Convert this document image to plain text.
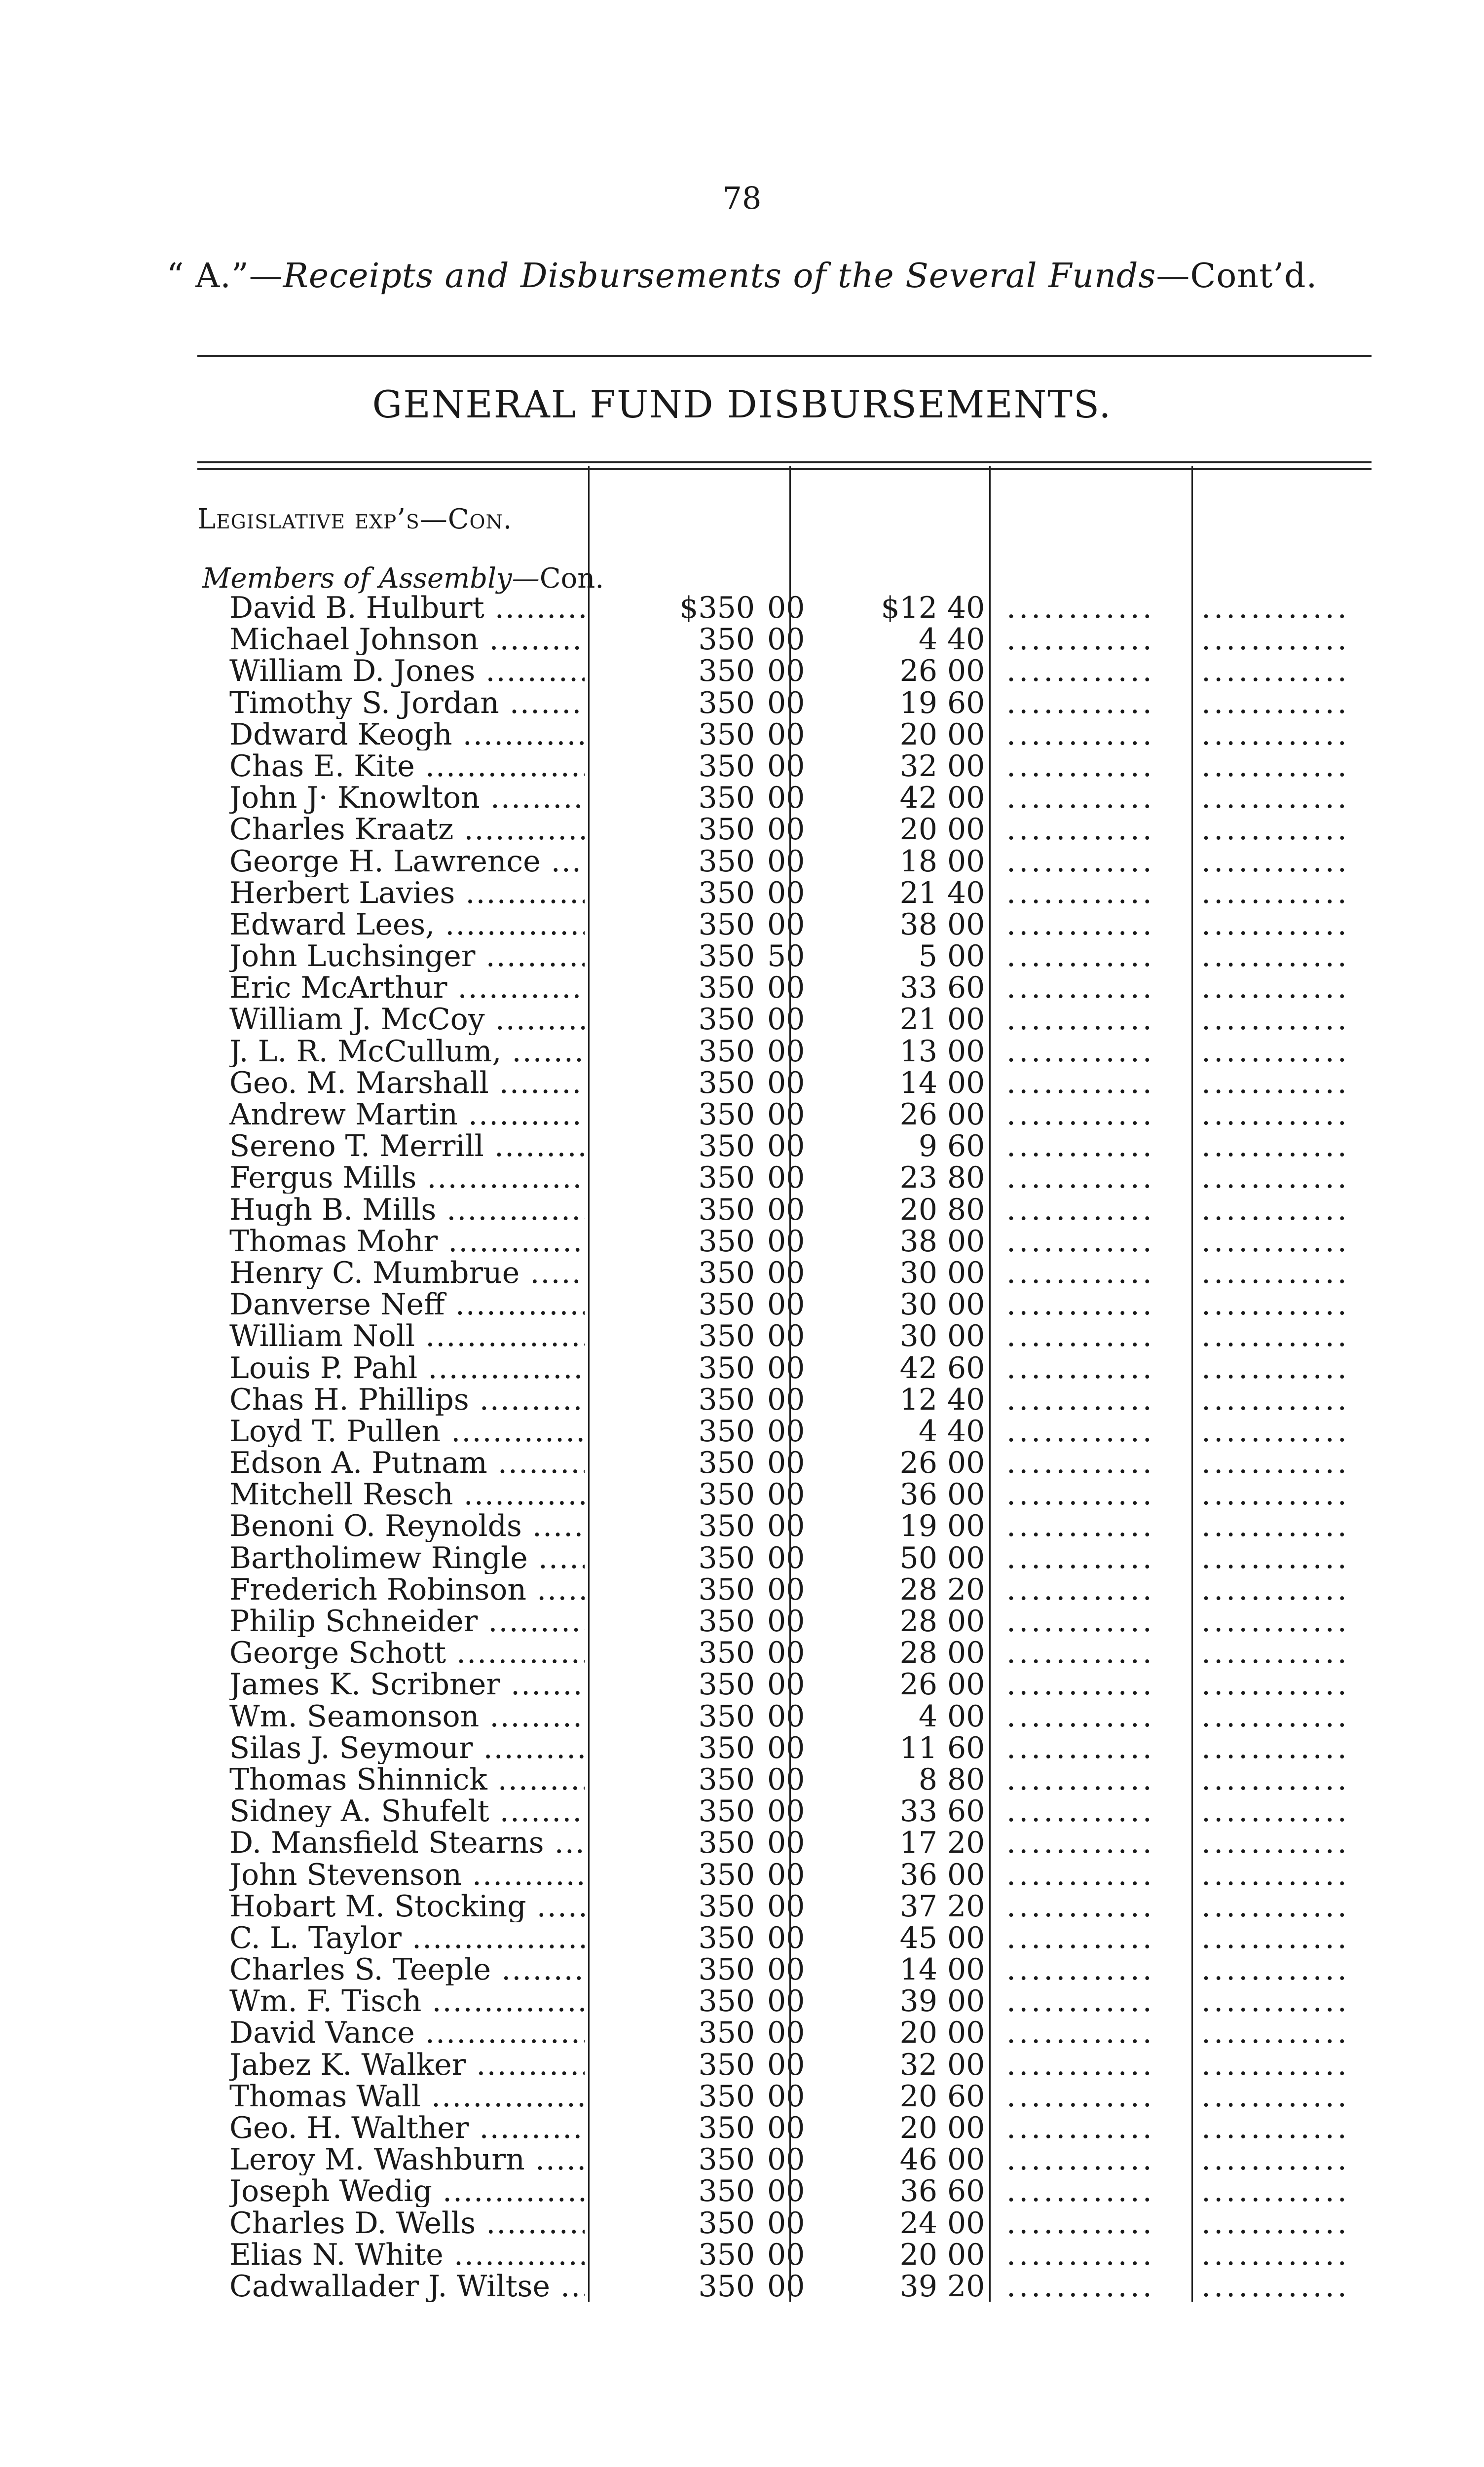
78
“ A.”—Receipts and Disbursements of the Several Funds—Cont’d.
GENERAL FUND DISBURSEMENTS.
Legislative exp’s—Con.
Members of Assembly—Con.
David B. Hulburt .....	$350 00	$12 40 ............	............
Michael Johnson .....	350 00	4 40 ............	............
William D. Jones .....	350 00	26 00 ............	............
Timothy S. Jordan .....	350 00	19 60 ............	............
Ddward Keogh .....	350 00	20 00 ............	............
Chas E. Kite .....	350 00	32 00 ............	............
John J· Knowlton .....	350 00	42 00 ............	............
Charles Kraatz .....	350 00	20 00 ............	............
George H. Lawrence .....	350 00	18 00 ............	............
Herbert Lavies .....	350 00	21 40 ............	............
Edward Lees, .....	350 00	38 00 ............	............
John Luchsinger .....	350 50	5 00 ............	............
Eric McArthur .....	350 00	33 60 ............	............
William J. McCoy .....	350 00	21 00 ............	............
J. L. R. McCullum, .....	350 00	13 00 ............	............
Geo. M. Marshall .....	350 00	14 00 ............	............
Andrew Martin .....	350 00	26 00 ............	............
Sereno T. Merrill .....	350 00	9 60 ............	............
Fergus Mills .....	350 00	23 80 ............	............
Hugh B. Mills .....	350 00	20 80 ............	............
Thomas Mohr .....	350 00	38 00 ............	............
Henry C. Mumbrue .....	350 00	30 00 ............	............
Danverse Neff .....	350 00	30 00 ............	............
William Noll .....	350 00	30 00 ............	............
Louis P. Pahl .....	350 00	42 60 ............	............
Chas H. Phillips .....	350 00	12 40 ............	............
Loyd T. Pullen .....	350 00	4 40 ............	............
Edson A. Putnam .....	350 00	26 00 ............	............
Mitchell Resch .....	350 00	36 00 ............	............
Benoni O. Reynolds .....	350 00	19 00 ............	............
Bartholimew Ringle .....	350 00	50 00 ............	............
Frederich Robinson .....	350 00	28 20 ............	............
Philip Schneider .....	350 00	28 00 ............	............
George Schott .....	350 00	28 00 ............	............
James K. Scribner .....	350 00	26 00 ............	............
Wm. Seamonson .....	350 00	4 00 ............	............
Silas J. Seymour .....	350 00	11 60 ............	............
Thomas Shinnick .....	350 00	8 80 ............	............
Sidney A. Shufelt .....	350 00	33 60 ............	............
D. Mansfield Stearns .....	350 00	17 20 ............	............
John Stevenson .....	350 00	36 00 ............	............
Hobart M. Stocking .....	350 00	37 20 ............	............
C. L. Taylor .....	350 00	45 00 ............	............
Charles S. Teeple .....	350 00	14 00 ............	............
Wm. F. Tisch .....	350 00	39 00 ............	............
David Vance .....	350 00	20 00 ............	............
Jabez K. Walker .....	350 00	32 00 ............	............
Thomas Wall .....	350 00	20 60 ............	............
Geo. H. Walther .....	350 00	20 00 ............	............
Leroy M. Washburn .....	350 00	46 00 ............	............
Joseph Wedig .....	350 00	36 60 ............	............
Charles D. Wells .....	350 00	24 00 ............	............
Elias N. White .....	350 00	20 00 ............	............
Cadwallader J. Wiltse .....	350 00	39 20 ............	............
